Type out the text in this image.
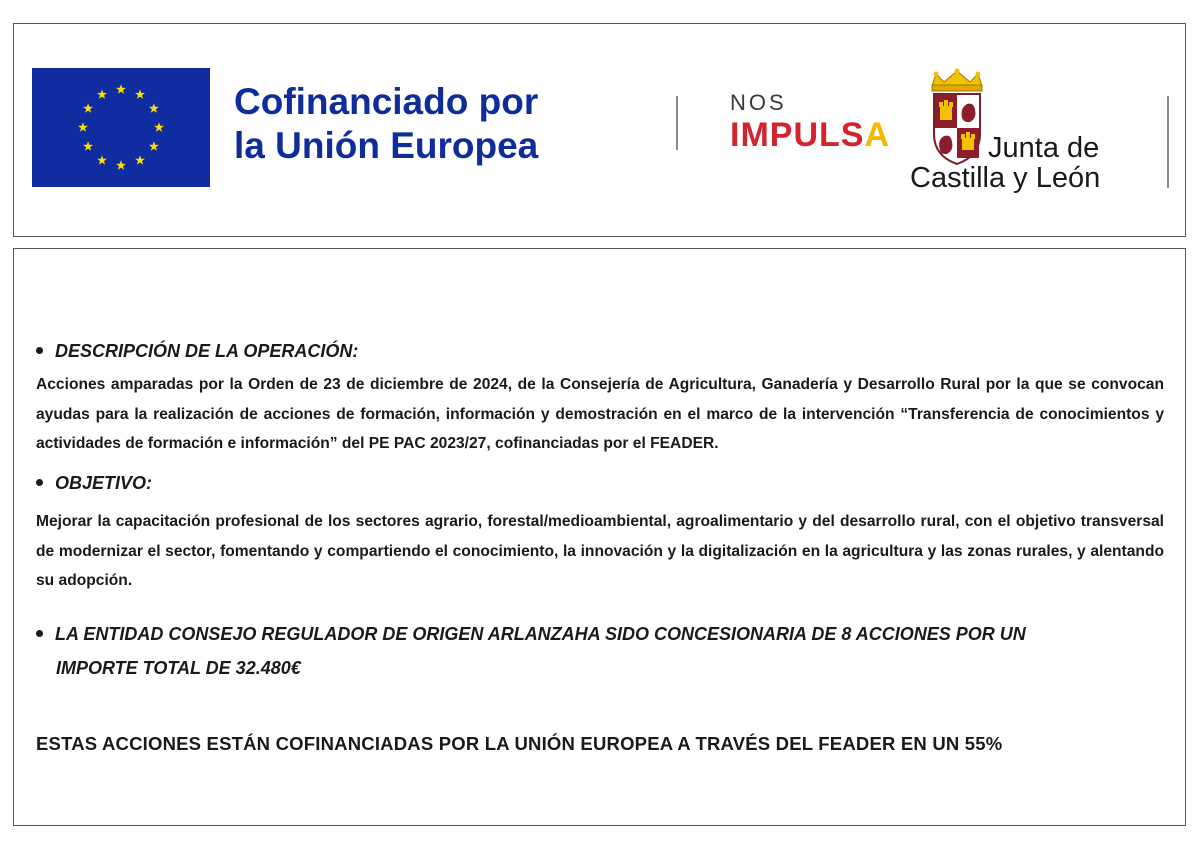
Cofinanciado por
la Unión Europea
NOS
IMPULSA	Junta de
Castilla y León
DESCRIPCIÓN DE LA OPERACIÓN:
Acciones amparadas por la Orden de 23 de diciembre de 2024, de la Consejería de Agricultura, Ganadería y Desarrollo Rural por la que se convocan ayudas para la realización de acciones de formación, información y demostración en el marco de la intervención “Transferencia de conocimientos y actividades de formación e información” del PE PAC 2023/27, cofinanciadas por el FEADER.
OBJETIVO:
Mejorar la capacitación profesional de los sectores agrario, forestal/medioambiental, agroalimentario y del desarrollo rural, con el objetivo transversal de modernizar el sector, fomentando y compartiendo el conocimiento, la innovación y la digitalización en la agricultura y las zonas rurales, y alentando su adopción.
LA ENTIDAD CONSEJO REGULADOR DE ORIGEN ARLANZAHA SIDO CONCESIONARIA DE 8 ACCIONES POR UN
IMPORTE TOTAL DE 32.480€
ESTAS ACCIONES ESTÁN COFINANCIADAS POR LA UNIÓN EUROPEA A TRAVÉS DEL FEADER EN UN 55%
